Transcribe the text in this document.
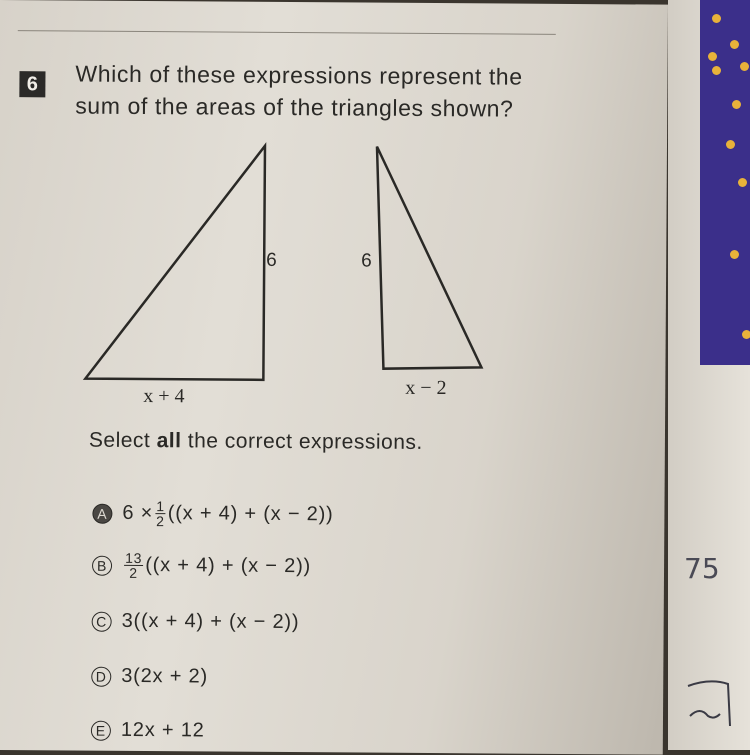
6	Which of these expressions represent the
sum of the areas of the triangles shown?
6	6
x + 4	x − 2
Select all the correct expressions.
A $6 \times \frac{1}{2} ((x + 4) + (x - 2))$
B	$\frac{13}{2} ((x + 4) + (x - 2))$
C 3((x + 4) + (x − 2))
D 3(2x + 2)
E 12x + 12
75
